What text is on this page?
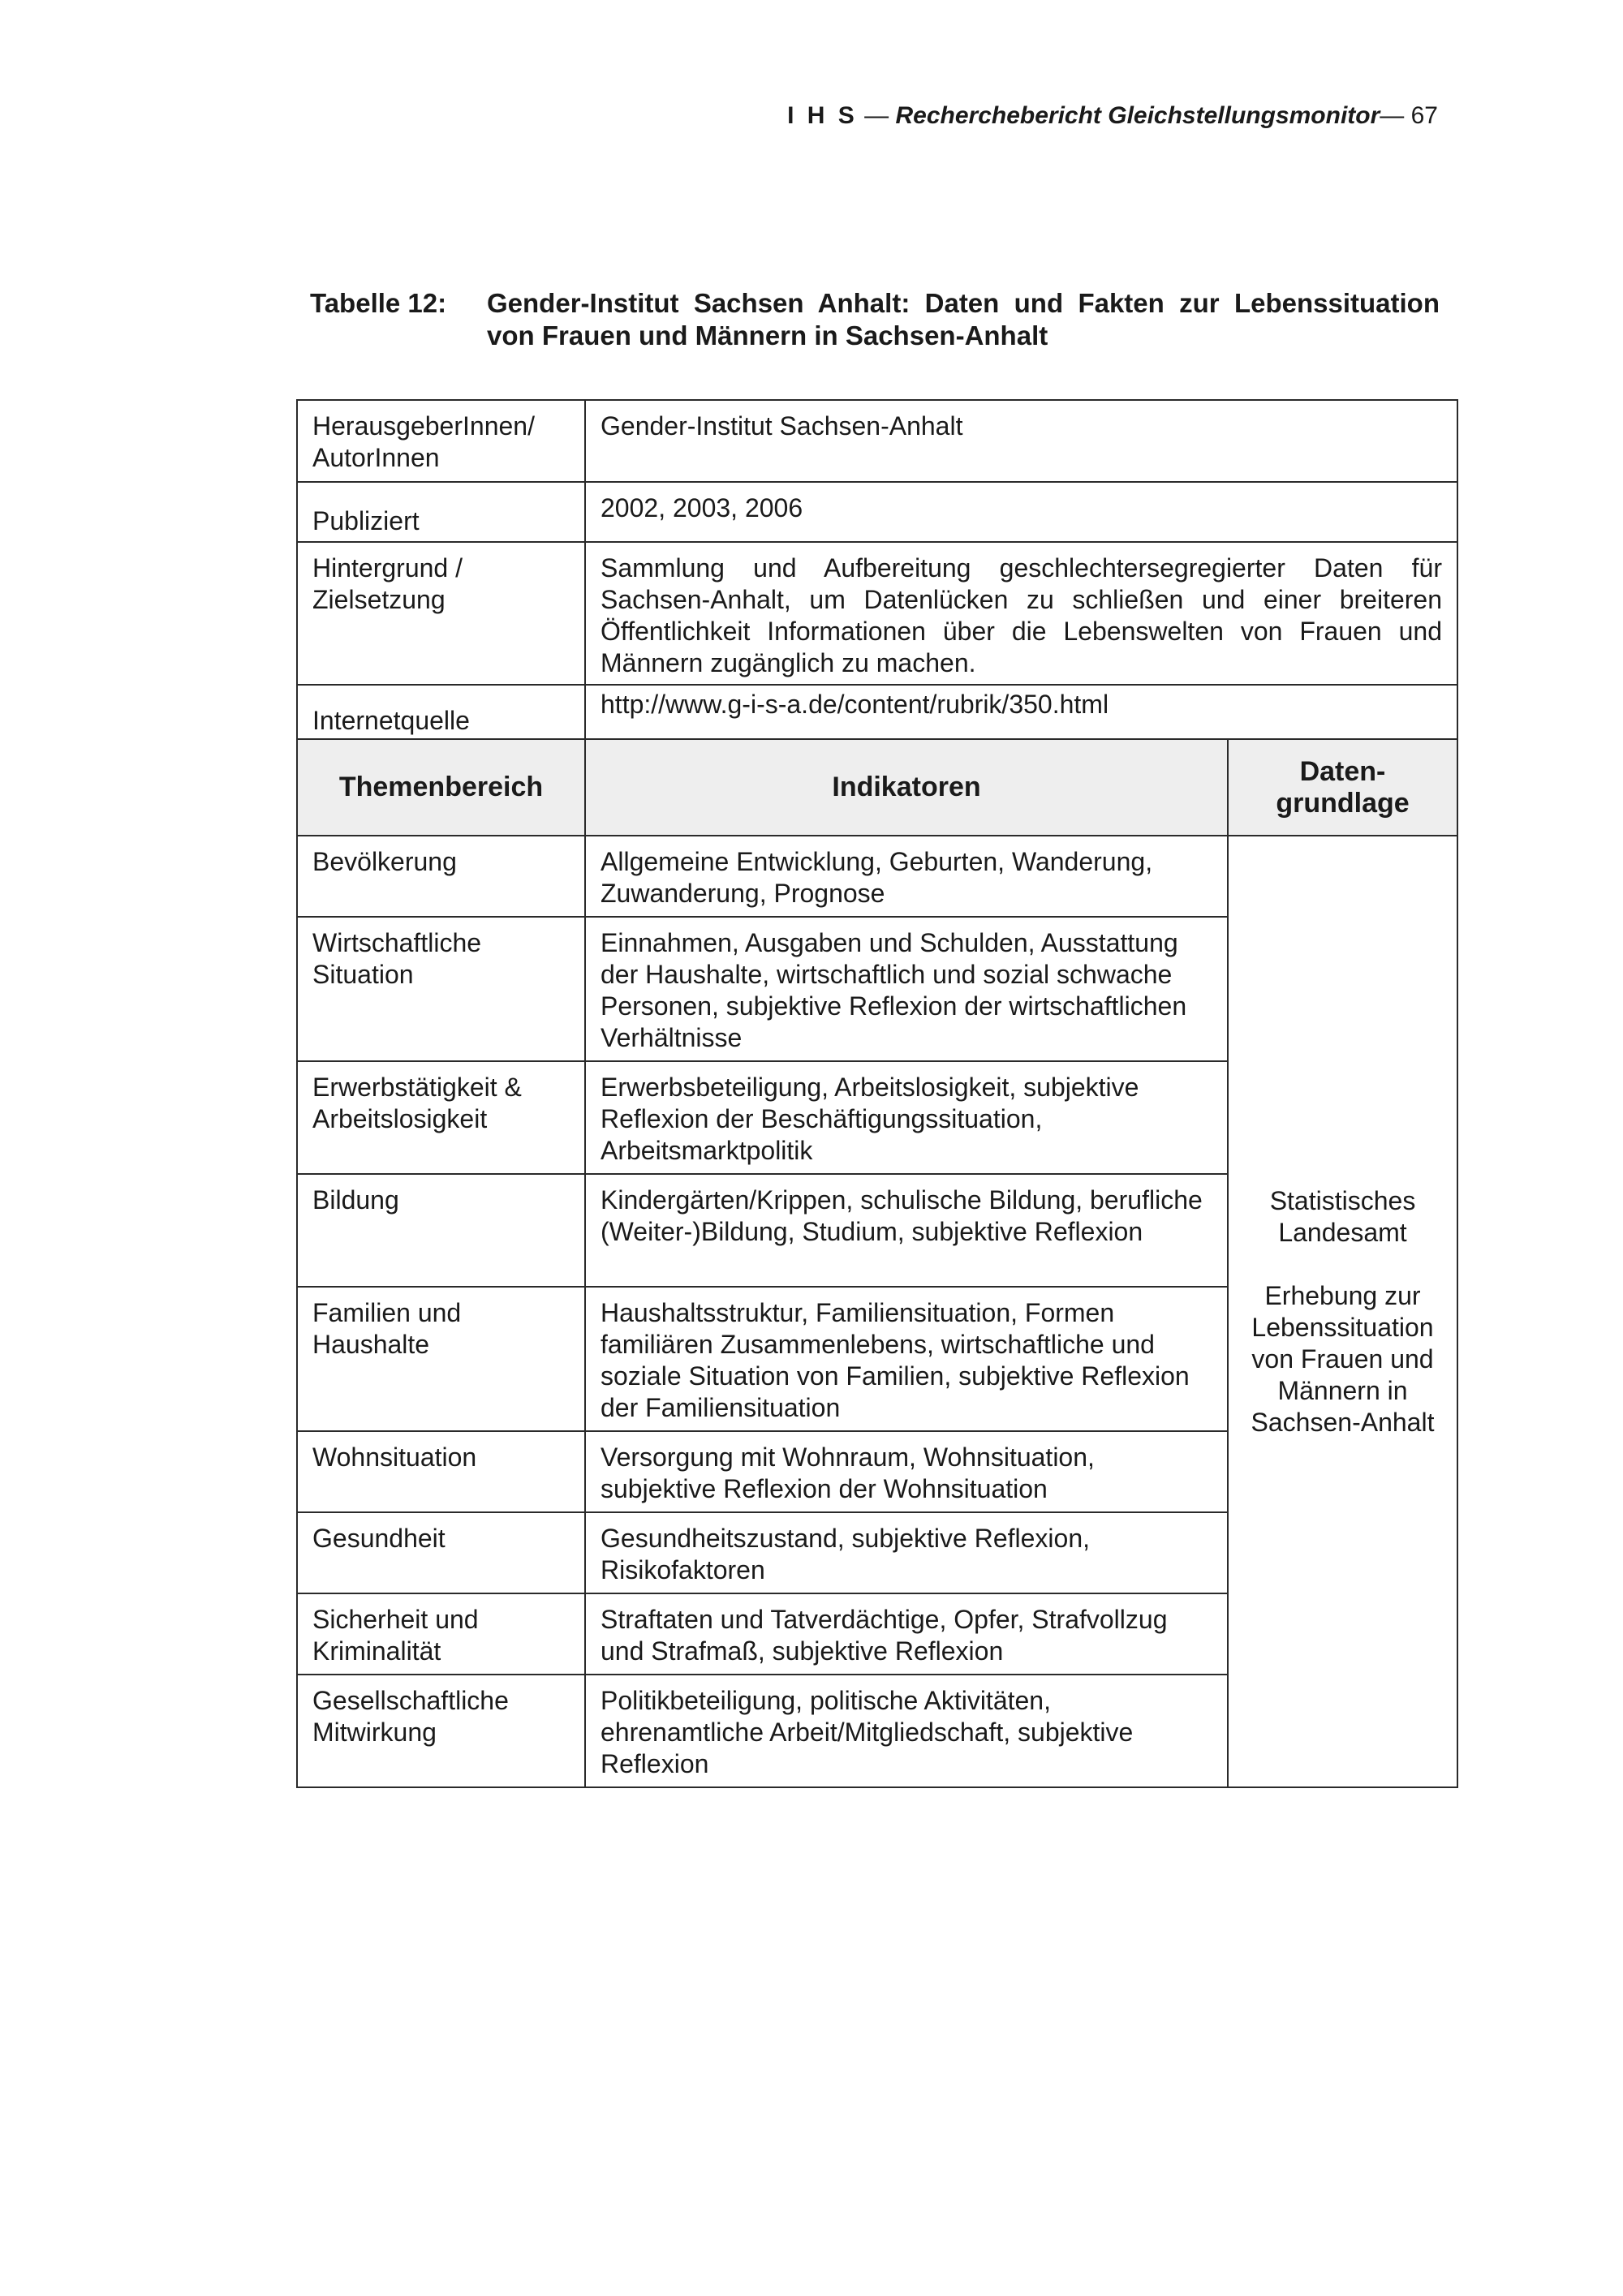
I H S — Recherchebericht Gleichstellungsmonitor— 67
Tabelle 12: Gender-Institut Sachsen Anhalt: Daten und Fakten zur Lebenssituation von Frauen und Männern in Sachsen-Anhalt
HerausgeberInnen/ AutorInnen	Gender-Institut Sachsen-Anhalt	

Publiziert	2002, 2003, 2006	
Hintergrund / Zielsetzung	Sammlung und Aufbereitung geschlechtersegregierter Daten für Sachsen-Anhalt, um Datenlücken zu schließen und einer breiteren Öffentlichkeit Informationen über die Lebenswelten von Frauen und Männern zugänglich zu machen.	

Internetquelle	http://www.g-i-s-a.de/content/rubrik/350.html	
Themenbereich	Indikatoren	Daten-grundlage
Bevölkerung	Allgemeine Entwicklung, Geburten, Wanderung, Zuwanderung, Prognose	Statistisches Landesamt
Erhebung zur Lebenssituation von Frauen und Männern in Sachsen-Anhalt

Wirtschaftliche Situation	Einnahmen, Ausgaben und Schulden, Ausstattung der Haushalte, wirtschaftlich und sozial schwache Personen, subjektive Reflexion der wirtschaftlichen Verhältnisse	
Erwerbstätigkeit & Arbeitslosigkeit	Erwerbsbeteiligung, Arbeitslosigkeit, subjektive Reflexion der Beschäftigungssituation, Arbeitsmarktpolitik	
Bildung	Kindergärten/Krippen, schulische Bildung, berufliche (Weiter-)Bildung, Studium, subjektive Reflexion	
Familien und Haushalte	Haushaltsstruktur, Familiensituation, Formen familiären Zusammenlebens, wirtschaftliche und soziale Situation von Familien, subjektive Reflexion der Familiensituation	
Wohnsituation	Versorgung mit Wohnraum, Wohnsituation, subjektive Reflexion der Wohnsituation	
Gesundheit	Gesundheitszustand, subjektive Reflexion, Risikofaktoren	
Sicherheit und Kriminalität	Straftaten und Tatverdächtige, Opfer, Strafvollzug und Strafmaß, subjektive Reflexion	
Gesellschaftliche Mitwirkung	Politikbeteiligung, politische Aktivitäten, ehrenamtliche Arbeit/Mitgliedschaft, subjektive Reflexion	
